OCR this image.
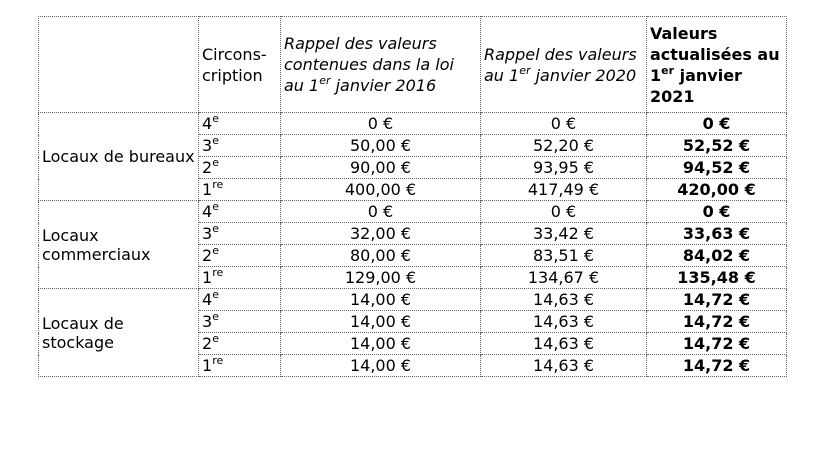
	Circons-cription	Rappel des valeurs contenues dans la loi au 1er janvier 2016	Rappel des valeurs au 1er janvier 2020	Valeurs actualisées au 1er janvier 2021
Locaux de bureaux	4e	0 €	0 €	0 €
	3e	50,00 €	52,20 €	52,52 €
	2e	90,00 €	93,95 €	94,52 €
	1re	400,00 €	417,49 €	420,00 €
Locaux commerciaux	4e	0 €	0 €	0 €
	3e	32,00 €	33,42 €	33,63 €
	2e	80,00 €	83,51 €	84,02 €
	1re	129,00 €	134,67 €	135,48 €
Locaux de stockage	4e	14,00 €	14,63 €	14,72 €
	3e	14,00 €	14,63 €	14,72 €
	2e	14,00 €	14,63 €	14,72 €
	1re	14,00 €	14,63 €	14,72 €
